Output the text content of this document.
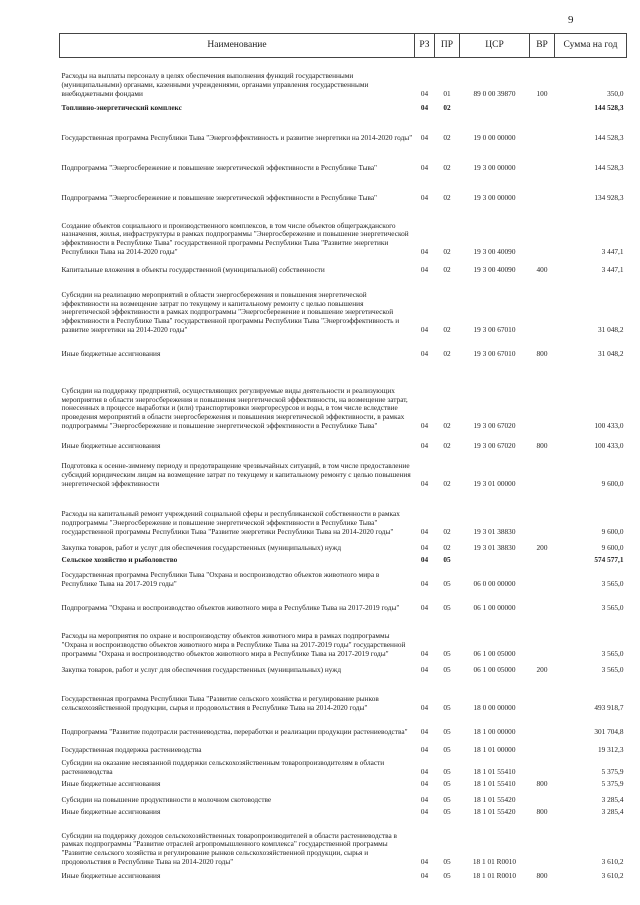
9
Наименование	РЗ	ПР	ЦСР	ВР	Сумма на год
Расходы на выплаты персоналу в целях обеспечения выполнения функций государственными (муниципальными) органами, казенными учреждениями, органами управления государственными внебюджетными фондами	04	01	89 0 00 39870	100	350,0
Топливно-энергетический комплекс	04	02			144 528,3
Государственная программа Республики Тыва "Энергоэффективность и развитие энергетики на 2014-2020 годы"	04	02	19 0 00 00000		144 528,3
Подпрограмма "Энергосбережение и повышение энергетической эффективности в Республике Тыва"	04	02	19 3 00 00000		144 528,3
Подпрограмма "Энергосбережение и повышение энергетической эффективности в Республике Тыва"	04	02	19 3 00 00000		134 928,3
Создание объектов социального и производственного комплексов, в том числе объектов общегражданского назначения, жилья, инфраструктуры в рамках подпрограммы "Энергосбережение и повышение энергетической эффективности в Республике Тыва" государственной программы Республики Тыва "Развитие энергетики Республики Тыва на 2014-2020 годы"	04	02	19 3 00 40090		3 447,1
Капитальные вложения в объекты государственной (муниципальной) собственности	04	02	19 3 00 40090	400	3 447,1
Субсидии на реализацию мероприятий в области энергосбережения и повышения энергетической эффективности на возмещение затрат по текущему и капитальному ремонту с целью повышения энергетической эффективности в рамках подпрограммы "Энергосбережение и повышение энергетической эффективности в Республике Тыва" государственной программы Республики Тыва "Энергоэффективность и развитие энергетики на 2014-2020 годы"	04	02	19 3 00 67010		31 048,2
Иные бюджетные ассигнования	04	02	19 3 00 67010	800	31 048,2
Субсидии на поддержку предприятий, осуществляющих регулируемые виды деятельности и реализующих мероприятия в области энергосбережения и повышения энергетической эффективности, на возмещение затрат, понесенных в процессе выработки и (или) транспортировки энергоресурсов и воды, в том числе вследствие проведения мероприятий в области энергосбережения и повышения энергетической эффективности, в рамках подпрограммы "Энергосбережение и повышение энергетической эффективности в Республике Тыва"	04	02	19 3 00 67020		100 433,0
Иные бюджетные ассигнования	04	02	19 3 00 67020	800	100 433,0
Подготовка к осенне-зимнему периоду и предотвращение чрезвычайных ситуаций, в том числе предоставление субсидий юридическим лицам на возмещение затрат по текущему и капитальному ремонту с целью повышения энергетической эффективности	04	02	19 3 01 00000		9 600,0
Расходы на капитальный ремонт учреждений социальной сферы и республиканской собственности в рамках подпрограммы "Энергосбережение и повышение энергетической эффективности в Республике Тыва" государственной программы Республики Тыва "Развитие энергетики Республики Тыва на 2014-2020 годы"	04	02	19 3 01 38830		9 600,0
Закупка товаров, работ и услуг для обеспечения государственных (муниципальных) нужд	04	02	19 3 01 38830	200	9 600,0
Сельское хозяйство и рыболовство	04	05			574 577,1
Государственная программа Республики Тыва "Охрана и воспроизводство объектов животного мира в Республике Тыва на 2017-2019 годы"	04	05	06 0 00 00000		3 565,0
Подпрограмма "Охрана и воспроизводство объектов животного мира в Республике Тыва на 2017-2019 годы"	04	05	06 1 00 00000		3 565,0
Расходы на мероприятия по охране и воспроизводству объектов животного мира в рамках подпрограммы "Охрана и воспроизводство объектов животного мира в Республике Тыва на 2017-2019 годы" государственной программы "Охрана и воспроизводство объектов животного мира в Республике Тыва на 2017-2019 годы"	04	05	06 1 00 05000		3 565,0
Закупка товаров, работ и услуг для обеспечения государственных (муниципальных) нужд	04	05	06 1 00 05000	200	3 565,0
Государственная программа Республики Тыва "Развитие сельского хозяйства и регулирование рынков сельскохозяйственной продукции, сырья и продовольствия в Республике Тыва на 2014-2020 годы"	04	05	18 0 00 00000		493 918,7
Подпрограмма "Развитие подотрасли растениеводства, переработки и реализации продукции растениеводства"	04	05	18 1 00 00000		301 704,8
Государственная поддержка растениеводства	04	05	18 1 01 00000		19 312,3
Субсидии на оказание несвязанной поддержки сельскохозяйственным товаропроизводителям в области растениеводства	04	05	18 1 01 55410		5 375,9
Иные бюджетные ассигнования	04	05	18 1 01 55410	800	5 375,9
Субсидии на повышение продуктивности в молочном скотоводстве	04	05	18 1 01 55420		3 285,4
Иные бюджетные ассигнования	04	05	18 1 01 55420	800	3 285,4
Субсидии на поддержку доходов сельскохозяйственных товаропроизводителей в области растениеводства в рамках подпрограммы "Развитие отраслей агропромышленного комплекса" государственной программы "Развитие сельского хозяйства и регулирование рынков сельскохозяйственной продукции, сырья и продовольствия в Республике Тыва на 2014-2020 годы"	04	05	18 1 01 R0010		3 610,2
Иные бюджетные ассигнования	04	05	18 1 01 R0010	800	3 610,2
